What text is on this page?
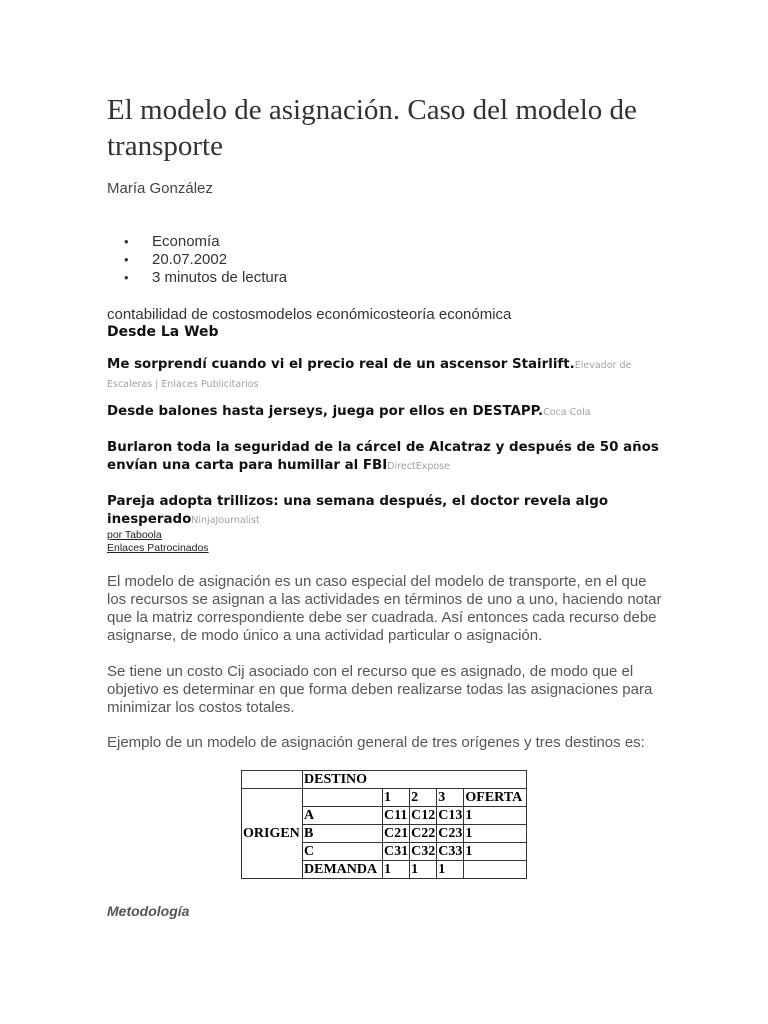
El modelo de asignación. Caso del modelo de transporte

María González

• Economía
• 20.07.2002
• 3 minutos de lectura

contabilidad de costosmodelos económicosteoría económica

Desde La Web

Me sorprendí cuando vi el precio real de un ascensor Stairlift.Elevador de Escaleras | Enlaces Publicitarios

Desde balones hasta jerseys, juega por ellos en DESTAPP.Coca Cola

Burlaron toda la seguridad de la cárcel de Alcatraz y después de 50 años envían una carta para humillar al FBIDirectExpose

Pareja adopta trillizos: una semana después, el doctor revela algo inesperadoNinjaJournalist

por Taboola

Enlaces Patrocinados

El modelo de asignación es un caso especial del modelo de transporte, en el que los recursos se asignan a las actividades en términos de uno a uno, haciendo notar que la matriz correspondiente debe ser cuadrada. Así entonces cada recurso debe asignarse, de modo único a una actividad particular o asignación.

Se tiene un costo Cij asociado con el recurso que es asignado, de modo que el objetivo es determinar en que forma deben realizarse todas las asignaciones para minimizar los costos totales.

Ejemplo de un modelo de asignación general de tres orígenes y tres destinos es:

	DESTINO				
ORIGEN		1	2	3	OFERTA
	A	C11	C12	C13	1
	B	C21	C22	C23	1
	C	C31	C32	C33	1
	DEMANDA	1	1	1	

Metodología
